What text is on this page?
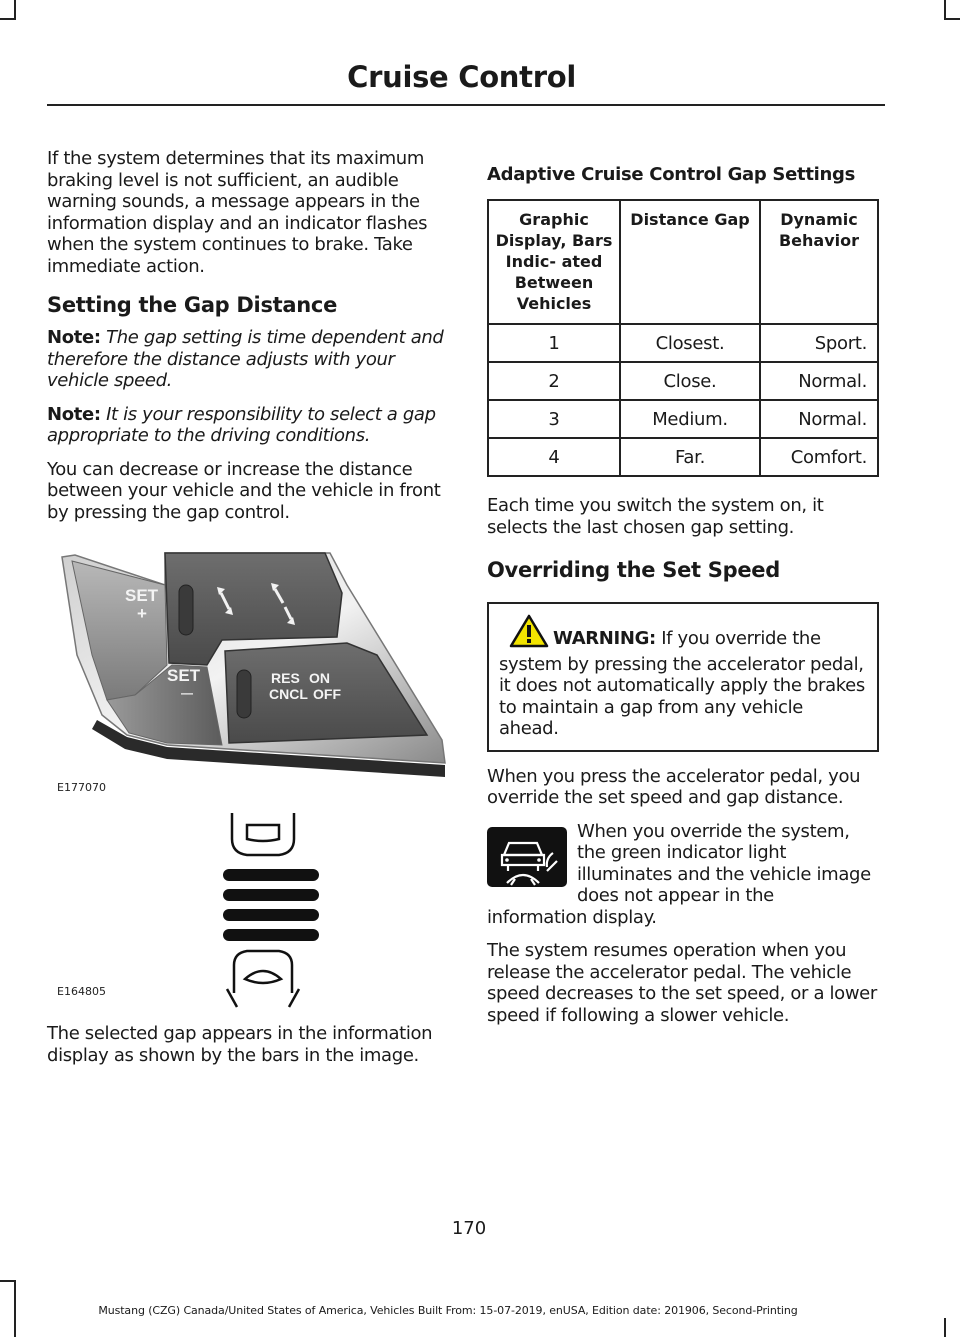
Cruise Control

If the system determines that its maximum braking level is not sufficient, an audible warning sounds, a message appears in the information display and an indicator flashes when the system continues to brake. Take immediate action.

Setting the Gap Distance

Note: The gap setting is time dependent and therefore the distance adjusts with your vehicle speed.

Note: It is your responsibility to select a gap appropriate to the driving conditions.

You can decrease or increase the distance between your vehicle and the vehicle in front by pressing the gap control.

SET
+
SET
—
RES ON
CNCL OFF
E177070
E164805

The selected gap appears in the information display as shown by the bars in the image.

Adaptive Cruise Control Gap Settings
Graphic Display, Bars Indic- ated Between Vehicles	Distance Gap	Dynamic Behavior
1	Closest.	Sport.
2	Close.	Normal.
3	Medium.	Normal.
4	Far.	Comfort.

Each time you switch the system on, it selects the last chosen gap setting.

Overriding the Set Speed
WARNING: If you override the system by pressing the accelerator pedal, it does not automatically apply the brakes to maintain a gap from any vehicle ahead.

When you press the accelerator pedal, you override the set speed and gap distance.

When you override the system, the green indicator light illuminates and the vehicle image does not appear in the information display.

The system resumes operation when you release the accelerator pedal. The vehicle speed decreases to the set speed, or a lower speed if following a slower vehicle.

170
Mustang (CZG) Canada/United States of America, Vehicles Built From: 15-07-2019, enUSA, Edition date: 201906, Second-Printing
